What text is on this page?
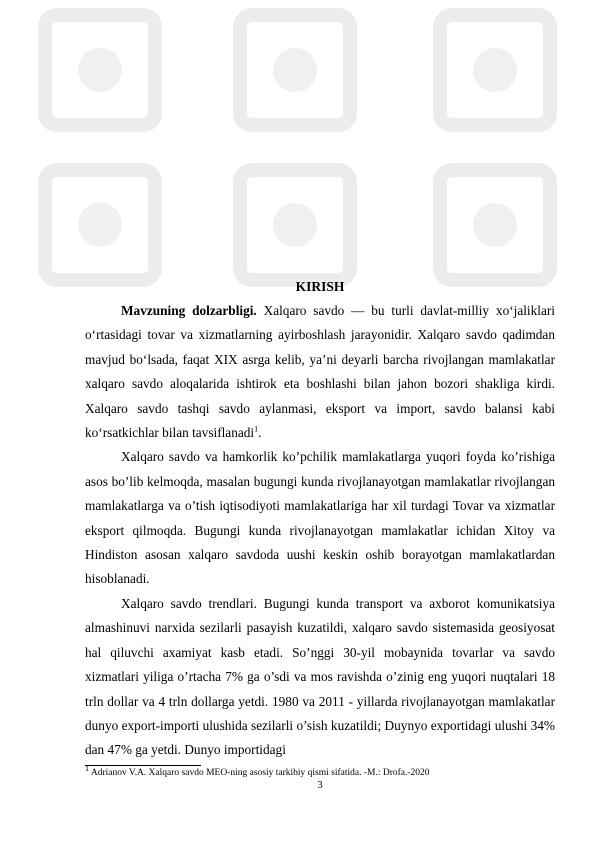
KIRISH

Mavzuning dolzarbligi. Xalqaro savdo — bu turli davlat-milliy xo‘jaliklari o‘rtasidagi tovar va xizmatlarning ayirboshlash jarayonidir. Xalqaro savdo qadimdan mavjud bo‘lsada, faqat XIX asrga kelib, ya’ni deyarli barcha rivojlangan mamlakatlar xalqaro savdo aloqalarida ishtirok eta boshlashi bilan jahon bozori shakliga kirdi. Xalqaro savdo tashqi savdo aylanmasi, eksport va import, savdo balansi kabi ko‘rsatkichlar bilan tavsiflanadi$^1$.

Xalqaro savdo va hamkorlik ko’pchilik mamlakatlarga yuqori foyda ko’rishiga asos bo’lib kelmoqda, masalan bugungi kunda rivojlanayotgan mamlakatlar rivojlangan mamlakatlarga va o’tish iqtisodiyoti mamlakatlariga har xil turdagi Tovar va xizmatlar eksport qilmoqda. Bugungi kunda rivojlanayotgan mamlakatlar ichidan Xitoy va Hindiston asosan xalqaro savdoda uushi keskin oshib borayotgan mamlakatlardan hisoblanadi.

Xalqaro savdo trendlari. Bugungi kunda transport va axborot komunikatsiya almashinuvi narxida sezilarli pasayish kuzatildi, xalqaro savdo sistemasida geosiyosat hal qiluvchi axamiyat kasb etadi. So’nggi 30-yil mobaynida tovarlar va savdo xizmatlari yiliga o’rtacha 7% ga o’sdi va mos ravishda o’zinig eng yuqori nuqtalari 18 trln dollar va 4 trln dollarga yetdi. 1980 va 2011 - yillarda rivojlanayotgan mamlakatlar dunyo export-importi ulushida sezilarli o’sish kuzatildi; Duynyo exportidagi ulushi 34% dan 47% ga yetdi. Dunyo importidagi

$^1$ Adrianov V.A. Xalqaro savdo MEO-ning asosiy tarkibiy qismi sifatida. -M.: Drofa.-2020
3
